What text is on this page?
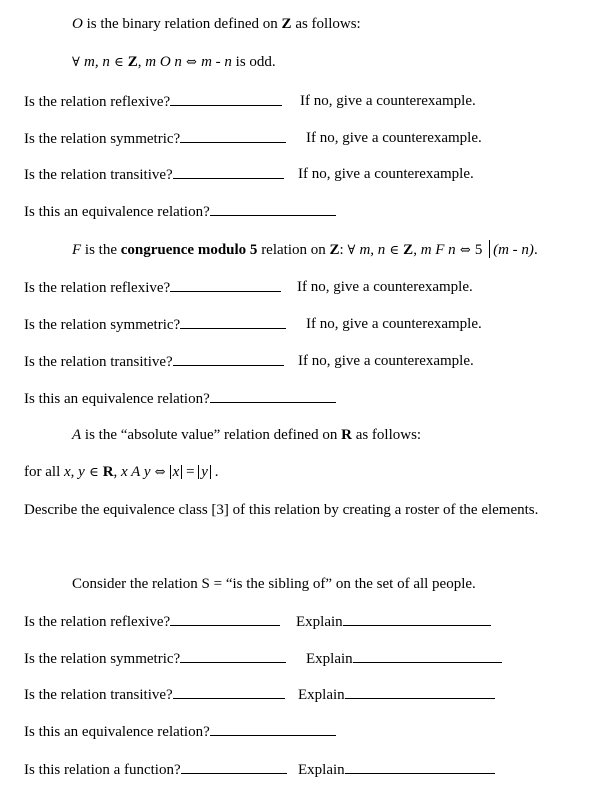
O is the binary relation defined on Z as follows:
∀ m, n ∈ Z, m O n ⇔ m - n is odd.
Is the relation reflexive?	If no, give a counterexample.
Is the relation symmetric?	If no, give a counterexample.
Is the relation transitive?	If no, give a counterexample.
Is this an equivalence relation?
F is the congruence modulo 5 relation on Z: ∀ m, n ∈ Z, m F n ⇔ 5 (m - n).
Is the relation reflexive?	If no, give a counterexample.
Is the relation symmetric?	If no, give a counterexample.
Is the relation transitive?	If no, give a counterexample.
Is this an equivalence relation?
A is the “absolute value” relation defined on R as follows:
for all x, y ∈ R, x A y ⇔ x = y .
Describe the equivalence class [3] of this relation by creating a roster of the elements.
Consider the relation S = “is the sibling of” on the set of all people.
Is the relation reflexive?	Explain
Is the relation symmetric?	Explain
Is the relation transitive?	Explain
Is this an equivalence relation?
Is this relation a function?	Explain
